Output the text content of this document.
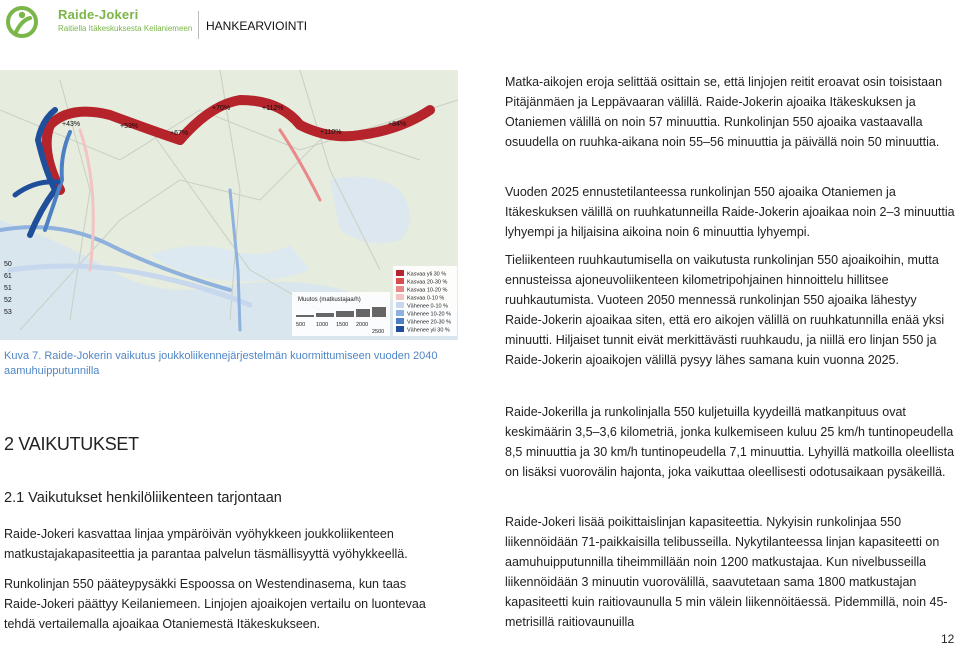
Raide-Jokeri
Raitiella Itäkeskuksesta Keilaniemeen HANKEARVIOINTI
+43%	+53%
+67%
+70%	+112%
+110%
+84%
50
61
51
52
53
Muutos (matkustajaa/h)
500 1000 1500 2000
2500
Kasvaa yli 30 %
Kasvaa 20-30 %
Kasvaa 10-20 %
Kasvaa 0-10 %
Vähenee 0-10 %
Vähenee 10-20 %
Vähenee 20-30 %
Vähenee yli 30 %
Kuva 7. Raide-Jokerin vaikutus joukkoliikennejärjestelmän kuormittumiseen vuoden 2040 aamuhuipputunnilla
2 VAIKUTUKSET
2.1 Vaikutukset henkilöliikenteen tarjontaan

Raide-Jokeri kasvattaa linjaa ympäröivän vyöhykkeen joukkoliikenteen matkustajakapasiteettia ja parantaa palvelun täsmällisyyttä vyöhykkeellä.

Runkolinjan 550 pääteypysäkki Espoossa on Westendinasema, kun taas Raide-Jokeri päättyy Keilaniemeen. Linjojen ajoaikojen vertailu on luontevaa tehdä vertailemalla ajoaikaa Otaniemestä Itäkeskukseen.

Matka-aikojen eroja selittää osittain se, että linjojen reitit eroavat osin toisistaan Pitäjänmäen ja Leppävaaran välillä. Raide-Jokerin ajoaika Itäkeskuksen ja Otaniemen välillä on noin 57 minuuttia. Runkolinjan 550 ajoaika vastaavalla osuudella on ruuhka-aikana noin 55–56 minuuttia ja päivällä noin 50 minuuttia.

Vuoden 2025 ennustetilanteessa runkolinjan 550 ajoaika Otaniemen ja Itäkeskuksen välillä on ruuhkatunneilla Raide-Jokerin ajoaikaa noin 2–3 minuuttia lyhyempi ja hiljaisina aikoina noin 6 minuuttia lyhyempi.

Tieliikenteen ruuhkautumisella on vaikutusta runkolinjan 550 ajoaikoihin, mutta ennusteissa ajoneuvoliikenteen kilometripohjainen hinnoittelu hillitsee ruuhkautumista. Vuoteen 2050 mennessä runkolinjan 550 ajoaika lähestyy Raide-Jokerin ajoaikaa siten, että ero aikojen välillä on ruuhkatunnilla enää yksi minuutti. Hiljaiset tunnit eivät merkittävästi ruuhkaudu, ja niillä ero linjan 550 ja Raide-Jokerin ajoaikojen välillä pysyy lähes samana kuin vuonna 2025.

Raide-Jokerilla ja runkolinjalla 550 kuljetuilla kyydeillä matkanpituus ovat keskimäärin 3,5–3,6 kilometriä, jonka kulkemiseen kuluu 25 km/h tuntinopeudella 8,5 minuuttia ja 30 km/h tuntinopeudella 7,1 minuuttia. Lyhyillä matkoilla oleellista on lisäksi vuorovälin hajonta, joka vaikuttaa oleellisesti odotusaikaan pysäkeillä.

Raide-Jokeri lisää poikittaislinjan kapasiteettia. Nykyisin runkolinjaa 550 liikennöidään 71-paikkaisilla telibusseilla. Nykytilanteessa linjan kapasiteetti on aamuhuipputunnilla tiheimmillään noin 1200 matkustajaa. Kun nivelbusseilla liikennöidään 3 minuutin vuorovälillä, saavutetaan sama 1800 matkustajan kapasiteetti kuin raitiovaunulla 5 min välein liikennöitäessä. Pidemmillä, noin 45-metrisillä raitiovaunuilla

12
